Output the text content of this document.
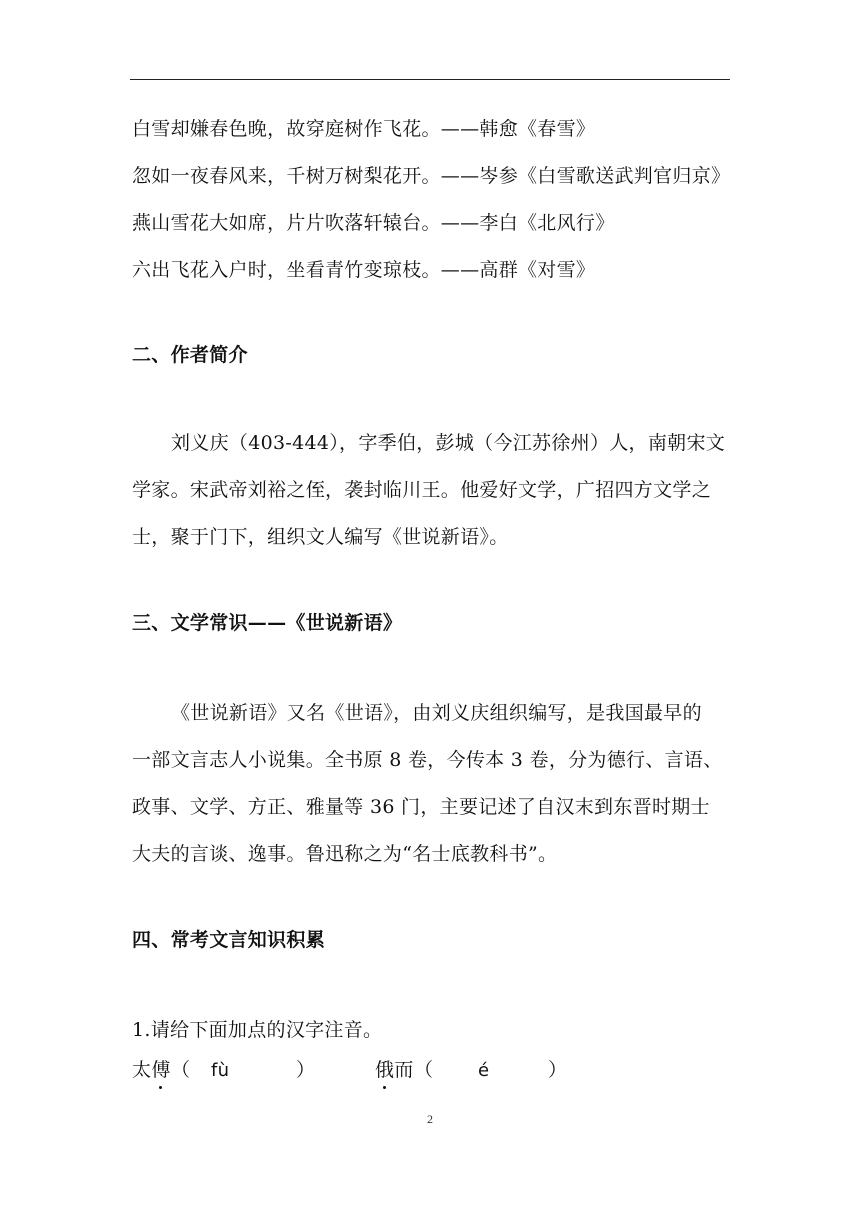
白雪却嫌春色晚，故穿庭树作飞花。——韩愈《春雪》
忽如一夜春风来，千树万树梨花开。——岑参《白雪歌送武判官归京》
燕山雪花大如席，片片吹落轩辕台。——李白《北风行》
六出飞花入户时，坐看青竹变琼枝。——高群《对雪》
二、作者简介
刘义庆（403-444），字季伯，彭城（今江苏徐州）人，南朝宋文
学家。宋武帝刘裕之侄，袭封临川王。他爱好文学，广招四方文学之
士，聚于门下，组织文人编写《世说新语》。
三、文学常识——《世说新语》
《世说新语》又名《世语》，由刘义庆组织编写，是我国最早的
一部文言志人小说集。全书原 8 卷，今传本 3 卷，分为德行、言语、
政事、文学、方正、雅量等 36 门，主要记述了自汉末到东晋时期士
大夫的言谈、逸事。鲁迅称之为“名士底教科书”。
四、常考文言知识积累
1.请给下面加点的汉字注音。
太傅 （ fù	）	俄而 （ é	）
2
